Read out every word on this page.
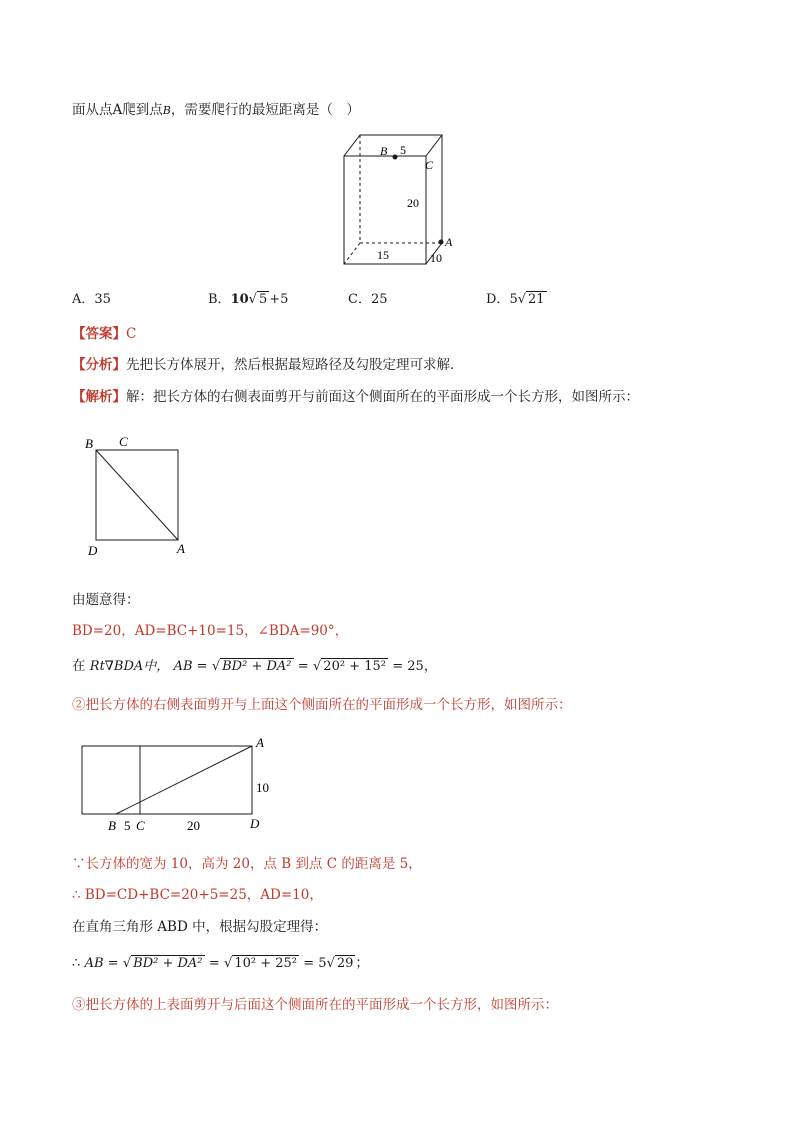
面从点A爬到点B，需要爬行的最短距离是（　）
B 5
C
20
A
15	10
A．35	B．10√ 5 +5	C．25	D．5√ 21
【答案】C
【分析】先把长方体展开，然后根据最短路径及勾股定理可求解．
【解析】解：把长方体的右侧表面剪开与前面这个侧面所在的平面形成一个长方形，如图所示：
B C
D	A
由题意得：
BD=20，AD=BC+10=15，∠BDA=90°，
在 Rt∇BDA中， AB = √ BD² + DA² = √ 20² + 15² = 25，
②把长方体的右侧表面剪开与上面这个侧面所在的平面形成一个长方形，如图所示：
A
10
B 5 C	20	D
∵长方体的宽为 10，高为 20，点 B 到点 C 的距离是 5，
∴ BD=CD+BC=20+5=25，AD=10，
在直角三角形 ABD 中，根据勾股定理得：
∴ AB = √ BD² + DA² = √ 10² + 25² = 5√ 29 ；
③把长方体的上表面剪开与后面这个侧面所在的平面形成一个长方形，如图所示：
